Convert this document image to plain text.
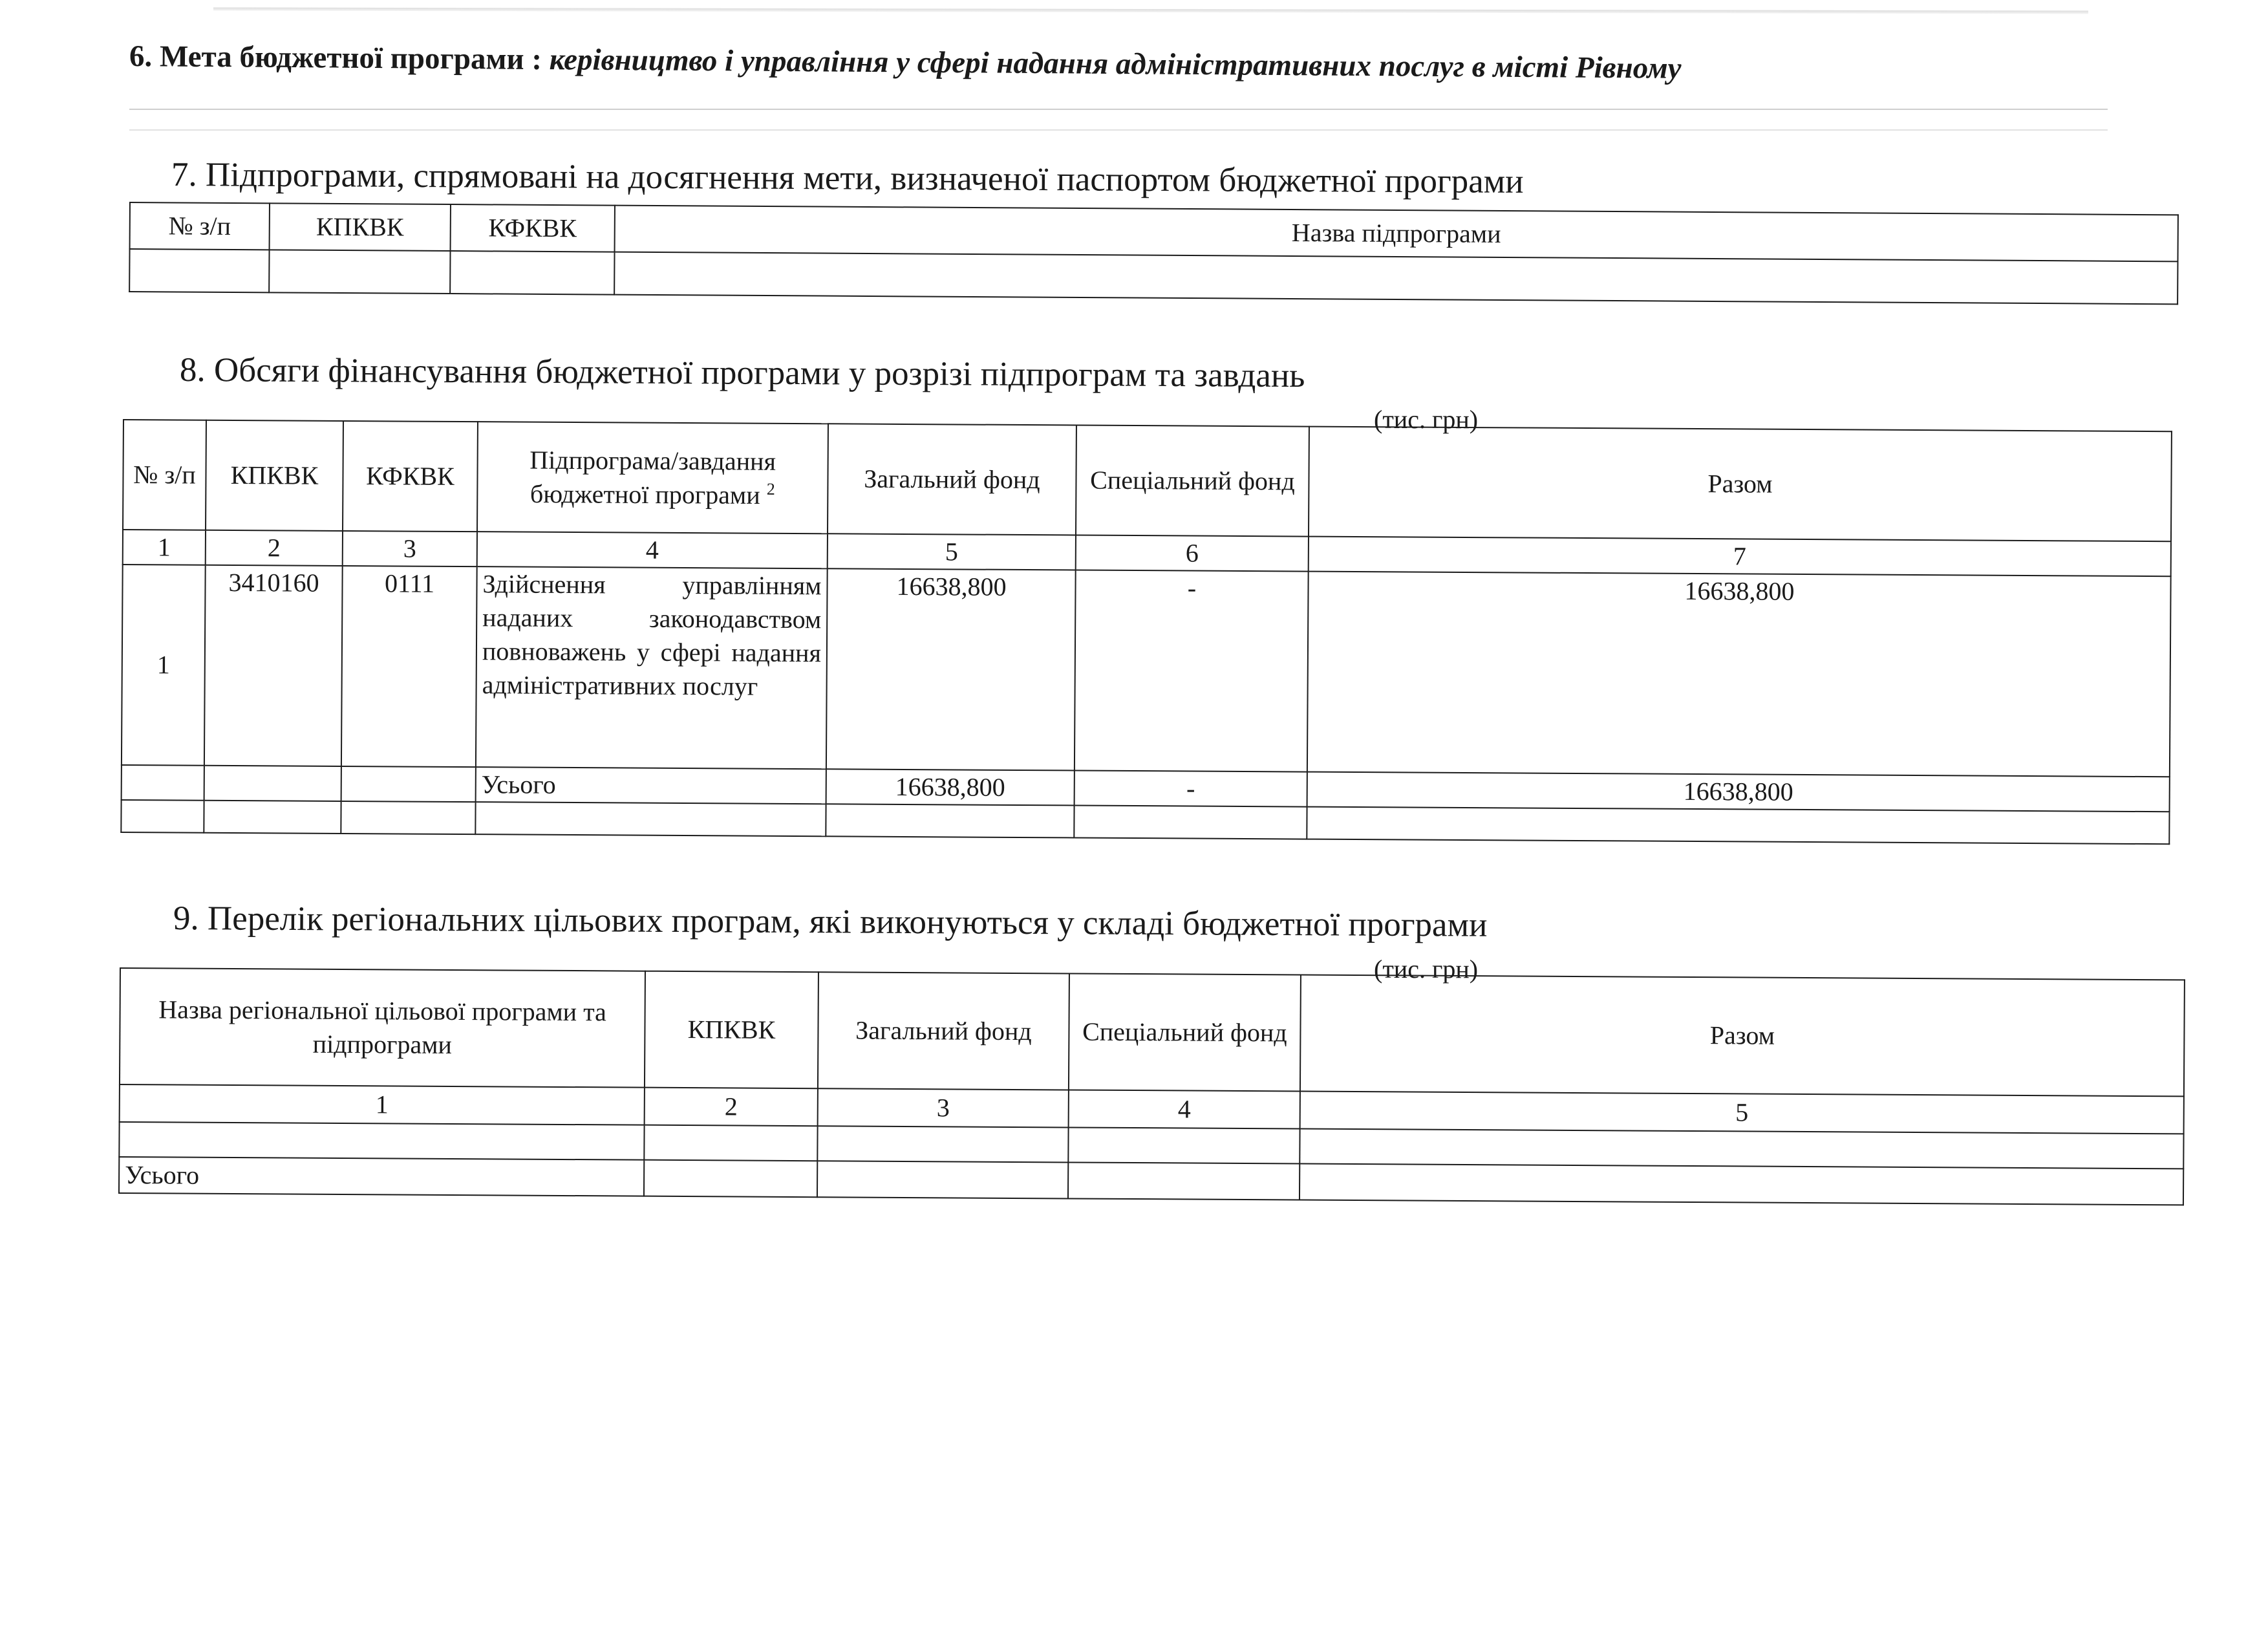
6. Мета бюджетної програми : керівництво і управління у сфері надання адміністративних послуг в місті Рівному
7. Підпрограми, спрямовані на досягнення мети, визначеної паспортом бюджетної програми
№ з/п	КПКВК	КФКВК	Назва підпрограми

8. Обсяги фінансування бюджетної програми у розрізі підпрограм та завдань
(тис. грн)
№ з/п	КПКВК	КФКВК	Підпрограма/завдання бюджетної програми $^2$	Загальний фонд	Спеціальний фонд	Разом
1	2	3	4	5	6	7
1	3410160	0111	Здійснення управлінням наданих законодавством повноважень у сфері надання адміністративних послуг	16638,800	-	16638,800
			Усього	16638,800	-	16638,800

9. Перелік регіональних цільових програм, які виконуються у складі бюджетної програми
(тис. грн)
Назва регіональної цільової програми та підпрограми	КПКВК	Загальний фонд	Спеціальний фонд	Разом
1	2	3	4	5

Усього				
